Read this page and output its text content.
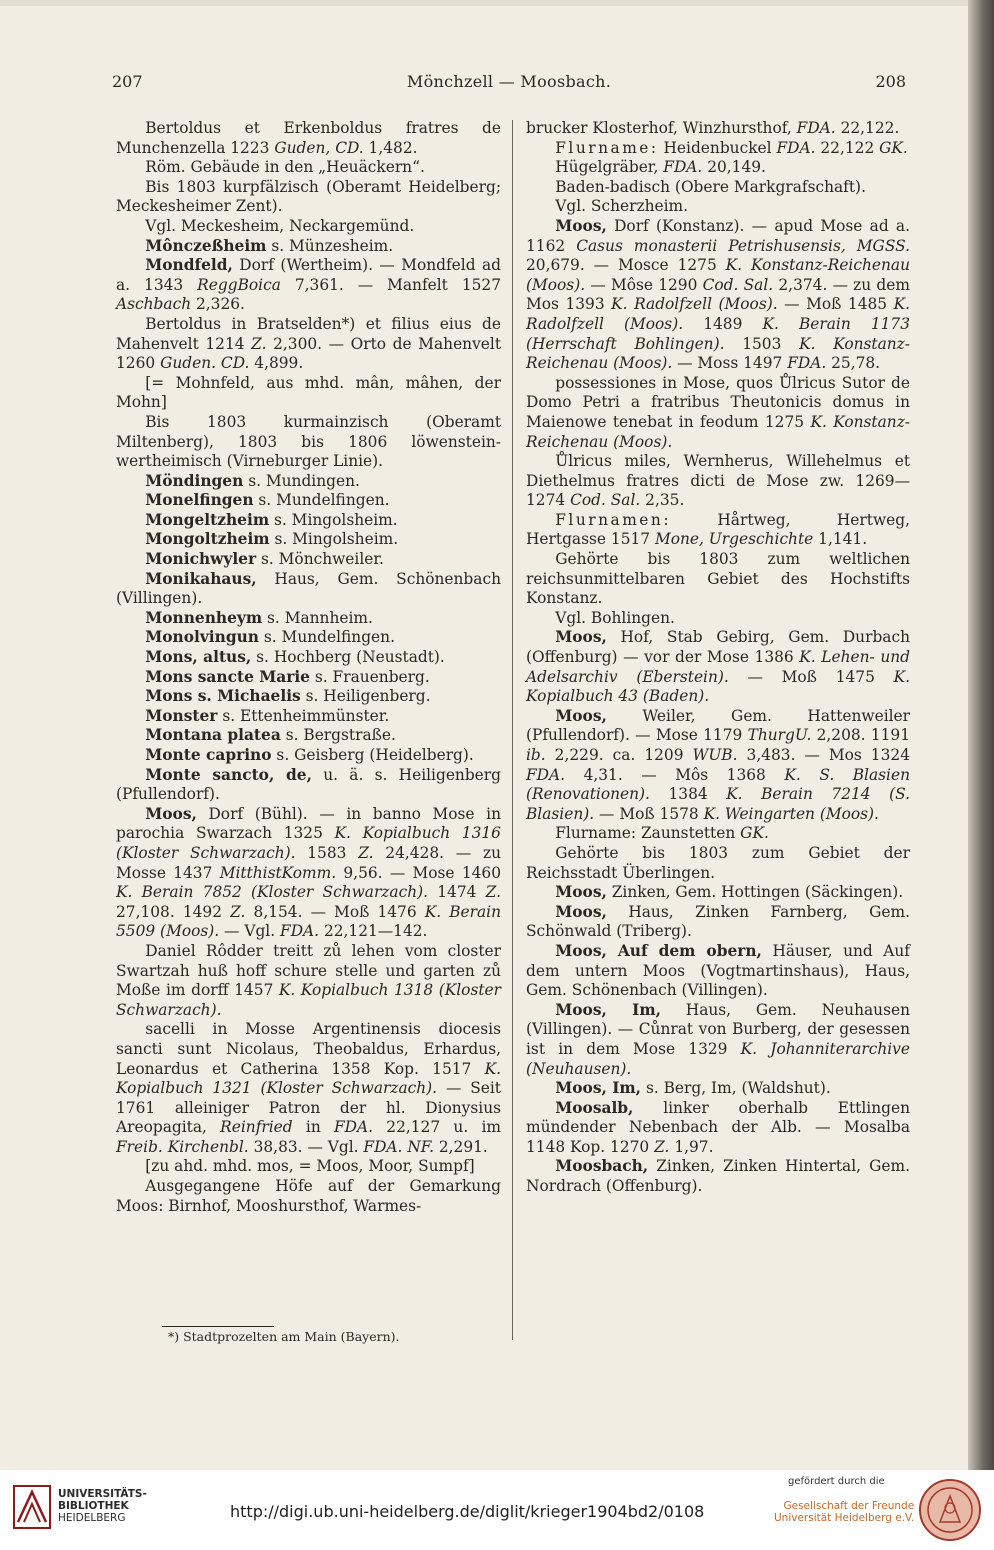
207	Mönchzell — Moosbach.	208

Bertoldus et Erkenboldus fratres de Munchenzella 1223 Guden, CD. 1,482.

Röm. Gebäude in den „Heuäckern“.

Bis 1803 kurpfälzisch (Oberamt Heidelberg; Meckesheimer Zent).

Vgl. Meckesheim, Neckargemünd.

Mônczeßheim s. Münzesheim.

Mondfeld, Dorf (Wertheim). — Mondfeld ad a. 1343 ReggBoica 7,361. — Manfelt 1527 Aschbach 2,326.

Bertoldus in Bratselden*) et filius eius de Mahenvelt 1214 Z. 2,300. — Orto de Mahenvelt 1260 Guden. CD. 4,899.

[= Mohnfeld, aus mhd. mân, mâhen, der Mohn]

Bis 1803 kurmainzisch (Oberamt Miltenberg), 1803 bis 1806 löwenstein-wertheimisch (Virneburger Linie).

Möndingen s. Mundingen.

Monelfingen s. Mundelfingen.

Mongeltzheim s. Mingolsheim.

Mongoltzheim s. Mingolsheim.

Monichwyler s. Mönchweiler.

Monikahaus, Haus, Gem. Schönenbach (Villingen).

Monnenheym s. Mannheim.

Monolvingun s. Mundelfingen.

Mons, altus, s. Hochberg (Neustadt).

Mons sancte Marie s. Frauenberg.

Mons s. Michaelis s. Heiligenberg.

Monster s. Ettenheimmünster.

Montana platea s. Bergstraße.

Monte caprino s. Geisberg (Heidelberg).

Monte sancto, de, u. ä. s. Heiligenberg (Pfullendorf).

Moos, Dorf (Bühl). — in banno Mose in parochia Swarzach 1325 K. Kopialbuch 1316 (Kloster Schwarzach). 1583 Z. 24,428. — zu Mosse 1437 MitthistKomm. 9,56. — Mose 1460 K. Berain 7852 (Kloster Schwarzach). 1474 Z. 27,108. 1492 Z. 8,154. — Moß 1476 K. Berain 5509 (Moos). — Vgl. FDA. 22,121—142.

Daniel Rôdder treitt zů lehen vom closter Swartzah huß hoff schure stelle und garten zů Moße im dorff 1457 K. Kopialbuch 1318 (Kloster Schwarzach).

sacelli in Mosse Argentinensis diocesis sancti sunt Nicolaus, Theobaldus, Erhardus, Leonardus et Catherina 1358 Kop. 1517 K. Kopialbuch 1321 (Kloster Schwarzach). — Seit 1761 alleiniger Patron der hl. Dionysius Areopagita, Reinfried in FDA. 22,127 u. im Freib. Kirchenbl. 38,83. — Vgl. FDA. NF. 2,291.

[zu ahd. mhd. mos, = Moos, Moor, Sumpf]

Ausgegangene Höfe auf der Gemarkung Moos: Birnhof, Mooshursthof, Warmes-

*) Stadtprozelten am Main (Bayern).

brucker Klosterhof, Winzhursthof, FDA. 22,122.

Flurname: Heidenbuckel FDA. 22,122 GK.

Hügelgräber, FDA. 20,149.

Baden-badisch (Obere Markgrafschaft).

Vgl. Scherzheim.

Moos, Dorf (Konstanz). — apud Mose ad a. 1162 Casus monasterii Petrishusensis, MGSS. 20,679. — Mosce 1275 K. Konstanz-Reichenau (Moos). — Môse 1290 Cod. Sal. 2,374. — zu dem Mos 1393 K. Radolfzell (Moos). — Moß 1485 K. Radolfzell (Moos). 1489 K. Berain 1173 (Herrschaft Bohlingen). 1503 K. Konstanz-Reichenau (Moos). — Moss 1497 FDA. 25,78.

possessiones in Mose, quos Ůlricus Sutor de Domo Petri a fratribus Theutonicis domus in Maienowe tenebat in feodum 1275 K. Konstanz-Reichenau (Moos).

Ůlricus miles, Wernherus, Willehelmus et Diethelmus fratres dicti de Mose zw. 1269—1274 Cod. Sal. 2,35.

Flurnamen: Hårtweg, Hertweg, Hertgasse 1517 Mone, Urgeschichte 1,141.

Gehörte bis 1803 zum weltlichen reichsunmittelbaren Gebiet des Hochstifts Konstanz.

Vgl. Bohlingen.

Moos, Hof, Stab Gebirg, Gem. Durbach (Offenburg) — vor der Mose 1386 K. Lehen- und Adelsarchiv (Eberstein). — Moß 1475 K. Kopialbuch 43 (Baden).

Moos, Weiler, Gem. Hattenweiler (Pfullendorf). — Mose 1179 ThurgU. 2,208. 1191 ib. 2,229. ca. 1209 WUB. 3,483. — Mos 1324 FDA. 4,31. — Môs 1368 K. S. Blasien (Renovationen). 1384 K. Berain 7214 (S. Blasien). — Moß 1578 K. Weingarten (Moos).

Flurname: Zaunstetten GK.

Gehörte bis 1803 zum Gebiet der Reichsstadt Überlingen.

Moos, Zinken, Gem. Hottingen (Säckingen).

Moos, Haus, Zinken Farnberg, Gem. Schönwald (Triberg).

Moos, Auf dem obern, Häuser, und Auf dem untern Moos (Vogtmartinshaus), Haus, Gem. Schönenbach (Villingen).

Moos, Im, Haus, Gem. Neuhausen (Villingen). — Cůnrat von Burberg, der gesessen ist in dem Mose 1329 K. Johanniterarchive (Neuhausen).

Moos, Im, s. Berg, Im, (Waldshut).

Moosalb, linker oberhalb Ettlingen mündender Nebenbach der Alb. — Mosalba 1148 Kop. 1270 Z. 1,97.

Moosbach, Zinken, Zinken Hintertal, Gem. Nordrach (Offenburg).

UNIVERSITÄTS-
BIBLIOTHEK
HEIDELBERG	http://digi.ub.uni-heidelberg.de/diglit/krieger1904bd2/0108
gefördert durch die
Gesellschaft der Freunde
Universität Heidelberg e.V.
